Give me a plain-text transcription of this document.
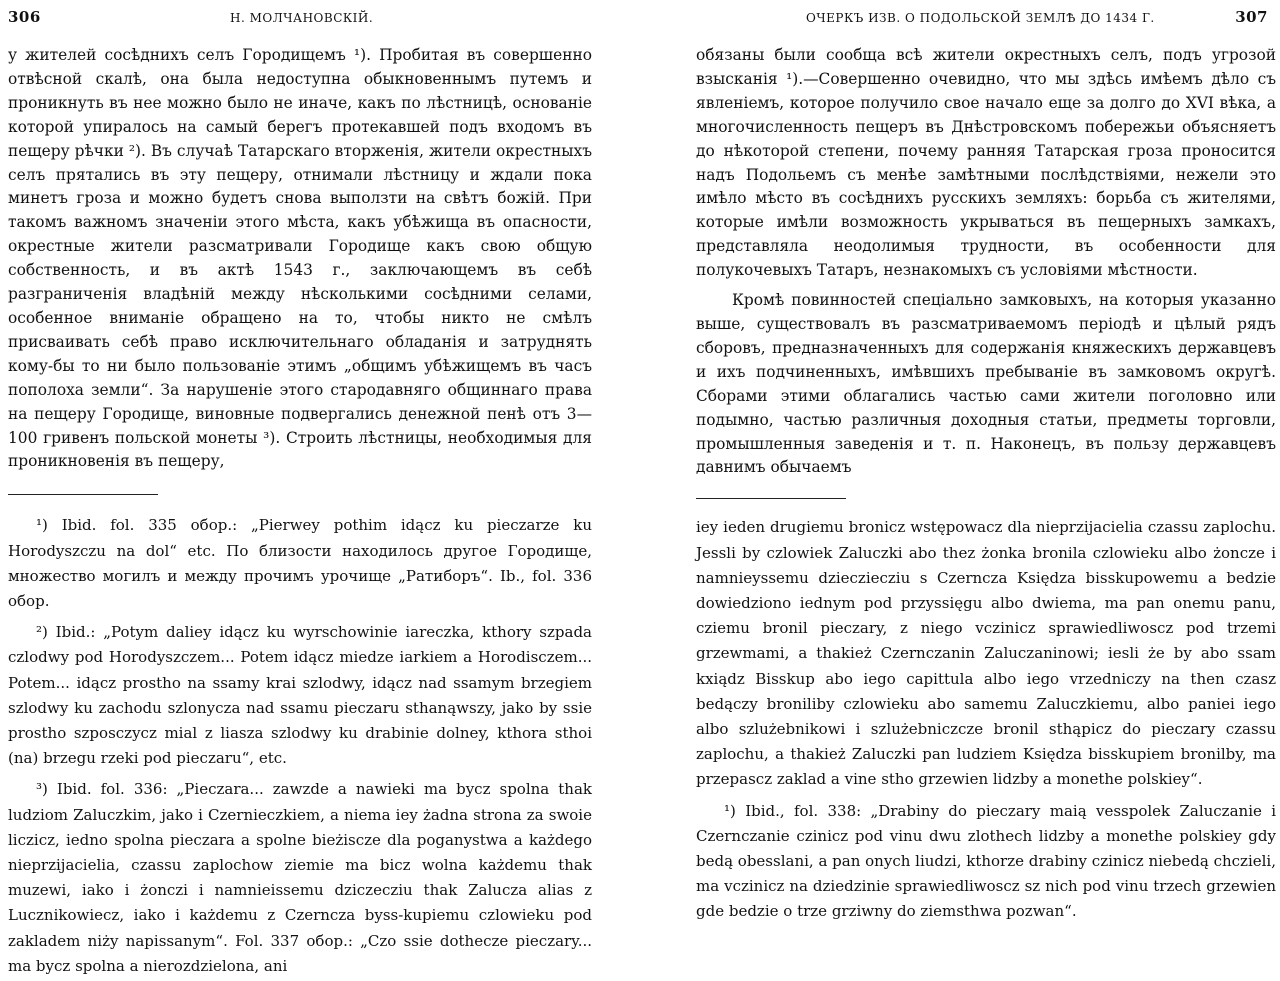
306	Н. МОЛЧАНОВСКІЙ.

у жителей сосѣднихъ селъ Городищемъ ¹). Пробитая въ совершенно отвѣсной скалѣ, она была недоступна обыкновеннымъ путемъ и проникнуть въ нее можно было не иначе, какъ по лѣстницѣ, основаніе которой упиралось на самый берегъ протекавшей подъ входомъ въ пещеру рѣчки ²). Въ случаѣ Татарскаго вторженія, жители окрестныхъ селъ прятались въ эту пещеру, отнимали лѣстницу и ждали пока минетъ гроза и можно будетъ снова выползти на свѣтъ божій. При такомъ важномъ значеніи этого мѣста, какъ убѣжища въ опасности, окрестные жители разсматривали Городище какъ свою общую собственность, и въ актѣ 1543 г., заключающемъ въ себѣ разграниченія владѣній между нѣсколькими сосѣдними селами, особенное вниманіе обращено на то, чтобы никто не смѣлъ присваивать себѣ право исключительнаго обладанія и затруднять кому-бы то ни было пользованіе этимъ „общимъ убѣжищемъ въ часъ пополоха земли“. За нарушеніе этого стародавняго общиннаго права на пещеру Городище, виновные подвергались денежной пенѣ отъ 3—100 гривенъ польской монеты ³). Строить лѣстницы, необходимыя для проникновенія въ пещеру,

¹) Ibid. fol. 335 обор.: „Pierwey pothim idącz ku pieczarze ku Horodyszczu na dol“ etc. По близости находилось другое Городище, множество могилъ и между прочимъ урочище „Ратиборъ“. Ib., fol. 336 обор.

²) Ibid.: „Potym daliey idącz ku wyrschowinie iareczka, kthory szpada czlodwy pod Horodyszczem... Potem idącz miedze iarkiem a Horodisczem... Potem... idącz prostho na ssamy krai szlodwy, idącz nad ssamym brzegiem szlodwy ku zachodu szlonycza nad ssamu pieczaru sthanąwszy, jako by ssie prostho szposczycz mial z liasza szlodwy ku drabinie dolney, kthora sthoi (na) brzegu rzeki pod pieczaru“, etc.

³) Ibid. fol. 336: „Pieczara... zawzde a nawieki ma bycz spolna thak ludziom Zaluczkim, jako i Czernieczkiem, a niema iey żadna strona za swoie liczicz, iedno spolna pieczara a spolne bieżiscze dla poganystwa a każdego nieprzijacielia, czassu zaplochow ziemie ma bicz wolna każdemu thak muzewi, iako i żonczi i namnieissemu dziczecziu thak Zalucza alias z Lucznikowiecz, iako i każdemu z Czerncza byss-kupiemu czlowieku pod zakladem niży napissanym“. Fol. 337 обор.: „Czo ssie dothecze pieczary... ma bycz spolna a nierozdzielona, ani

ОЧЕРКЪ ИЗВ. О ПОДОЛЬСКОЙ ЗЕМЛѢ ДО 1434 Г.	307

обязаны были сообща всѣ жители окрестныхъ селъ, подъ угрозой взысканія ¹).—Совершенно очевидно, что мы здѣсь имѣемъ дѣло съ явленіемъ, которое получило свое начало еще за долго до XVI вѣка, а многочисленность пещеръ въ Днѣстровскомъ побережьи объясняетъ до нѣкоторой степени, почему ранняя Татарская гроза проносится надъ Подольемъ съ менѣе замѣтными послѣдствіями, нежели это имѣло мѣсто въ сосѣднихъ русскихъ земляхъ: борьба съ жителями, которые имѣли возможность укрываться въ пещерныхъ замкахъ, представляла неодолимыя трудности, въ особенности для полукочевыхъ Татаръ, незнакомыхъ съ условіями мѣстности.

Кромѣ повинностей спеціально замковыхъ, на которыя указанно выше, существовалъ въ разсматриваемомъ періодѣ и цѣлый рядъ сборовъ, предназначенныхъ для содержанія княжескихъ державцевъ и ихъ подчиненныхъ, имѣвшихъ пребываніе въ замковомъ округѣ. Сборами этими облагались частью сами жители поголовно или подымно, частью различныя доходныя статьи, предметы торговли, промышленныя заведенія и т. п. Наконецъ, въ пользу державцевъ давнимъ обычаемъ

iey ieden drugiemu bronicz wstępowacz dla nieprzijacielia czassu zaplochu. Jessli by czlowiek Zaluczki abo thez żonka bronila czlowieku albo żoncze i namnieyssemu dzieczieczіu s Czerncza Księdza bisskupowemu a bedzie dowiedziono iednym pod przyssięgu albo dwiema, ma pan onemu panu, cziemu bronil pieczary, z niego vczinicz sprawiedliwoscz pod trzemi grzewmami, a thakież Czernczanin Zaluczaninowi; iesli że by abo ssam kxiądz Bisskup abo iego capittula albo iego vrzedniczy na then czasz bedączy broniliby czlowieku abo samemu Zaluczkiemu, albo paniei iego albo szlużebnikowi i szlużebniczcze bronil sthąpicz do pieczary czassu zaplochu, a thakież Zaluczki pan ludziem Księdza bisskupiem bronilby, ma przepascz zaklad a vine stho grzewien lidzby a monethe polskiey“.

¹) Ibid., fol. 338: „Drabiny do pieczary maią vesspolek Zaluczanie i Czernczanie czinicz pod vinu dwu zlothech lidzby a monethe polskiey gdy bedą obesslani, a pan onych liudzi, kthorze drabiny czinicz niebedą chczieli, ma vczinicz na dziedzinie sprawiedliwoscz sz nich pod vinu trzech grzewien gde bedzie o trze grziwny do ziemsthwa pozwan“.
